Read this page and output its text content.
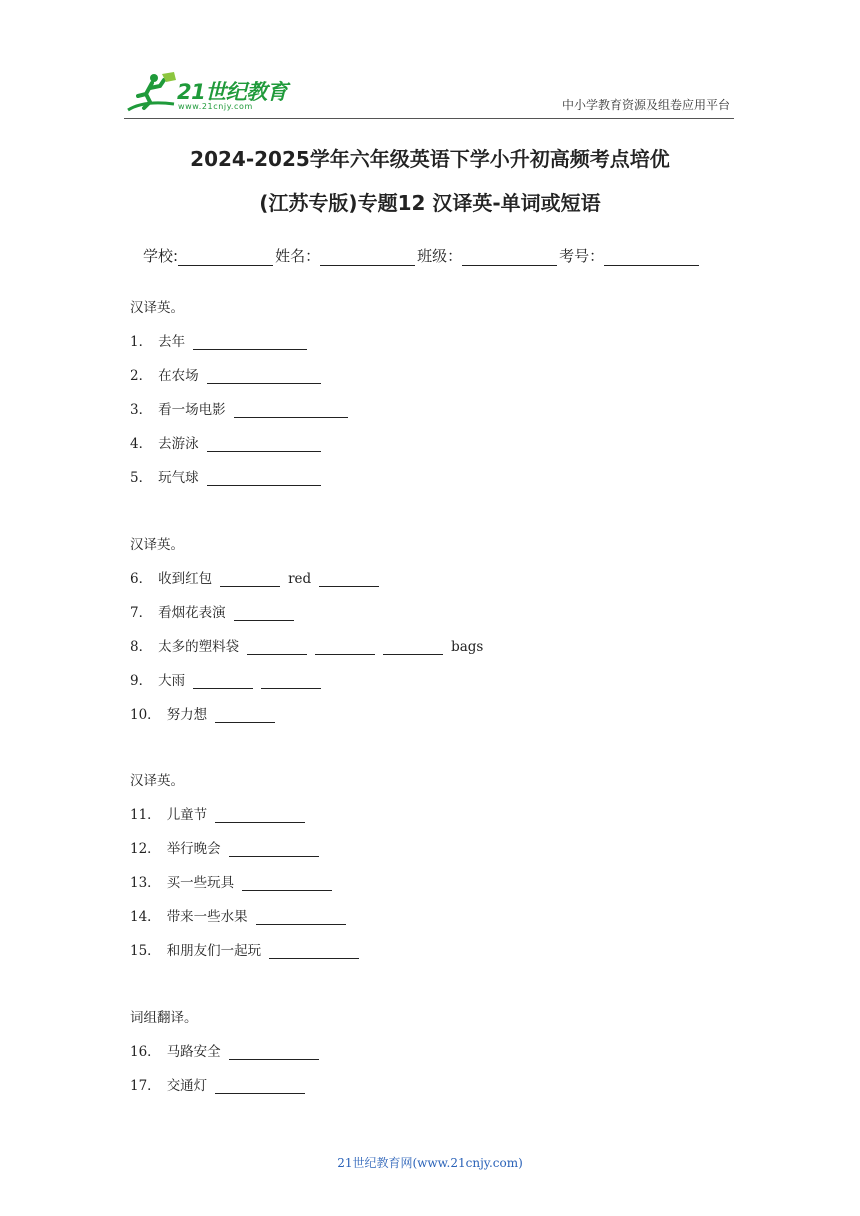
21世纪教育
www.21cnjy.com	中小学教育资源及组卷应用平台
2024-2025学年六年级英语下学小升初高频考点培优
(江苏专版)专题12 汉译英-单词或短语
学校:	姓名：	班级：	考号：
汉译英。
1． 去年
2． 在农场
3． 看一场电影
4． 去游泳
5． 玩气球
汉译英。
6． 收到红包	red
7． 看烟花表演
8． 太多的塑料袋	bags
9． 大雨
10． 努力想
汉译英。
11． 儿童节
12． 举行晚会
13． 买一些玩具
14． 带来一些水果
15． 和朋友们一起玩
词组翻译。
16． 马路安全
17． 交通灯
21世纪教育网(www.21cnjy.com)
